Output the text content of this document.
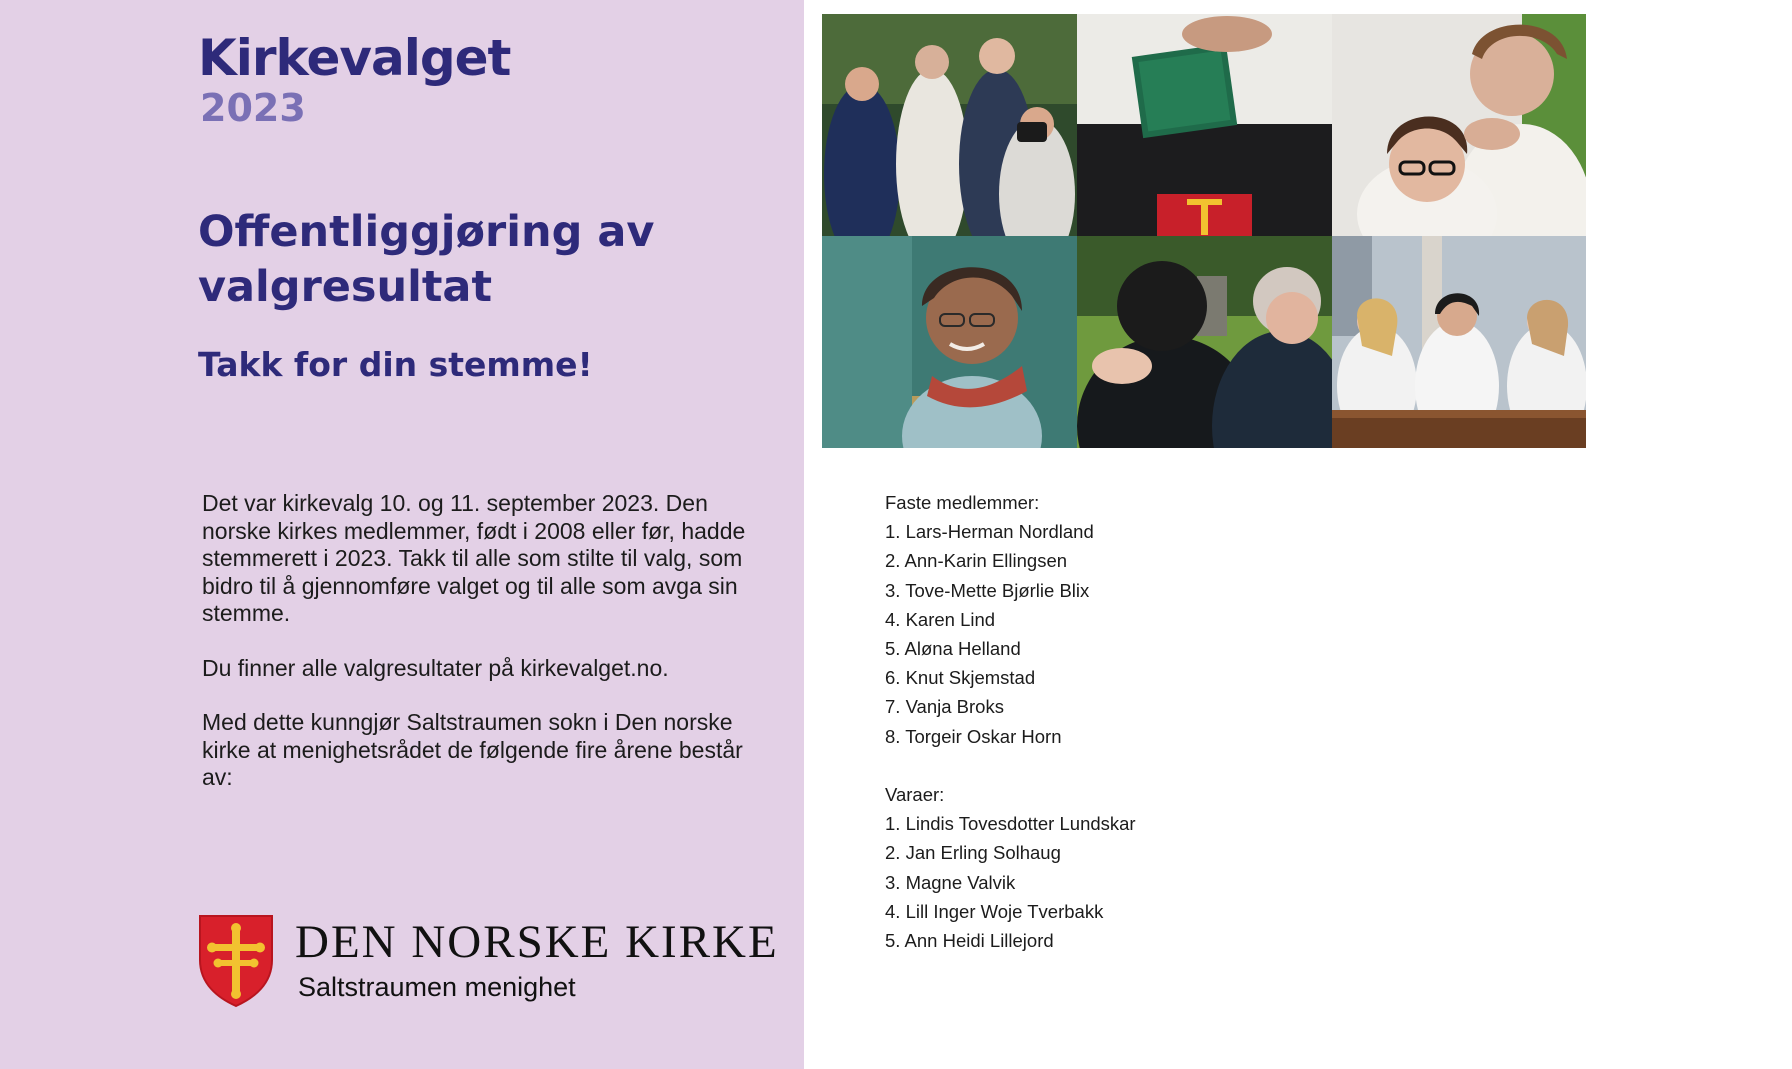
Kirkevalget
2023
Offentliggjøring av valgresultat
Takk for din stemme!

Det var kirkevalg 10. og 11. september 2023. Den norske kirkes medlemmer, født i 2008 eller før, hadde stemmerett i 2023. Takk til alle som stilte til valg, som bidro til å gjennomføre valget og til alle som avga sin stemme.

Du finner alle valgresultater på kirkevalget.no.

Med dette kunngjør Saltstraumen sokn i Den norske kirke at menighetsrådet de følgende fire årene består av:

DEN NORSKE KIRKE
Saltstraumen menighet
Faste medlemmer:
1. Lars-Herman Nordland
2. Ann-Karin Ellingsen
3. Tove-Mette Bjørlie Blix
4. Karen Lind
5. Aløna Helland
6. Knut Skjemstad
7. Vanja Broks
8. Torgeir Oskar Horn
Varaer:
1. Lindis Tovesdotter Lundskar
2. Jan Erling Solhaug
3. Magne Valvik
4. Lill Inger Woje Tverbakk
5. Ann Heidi Lillejord
